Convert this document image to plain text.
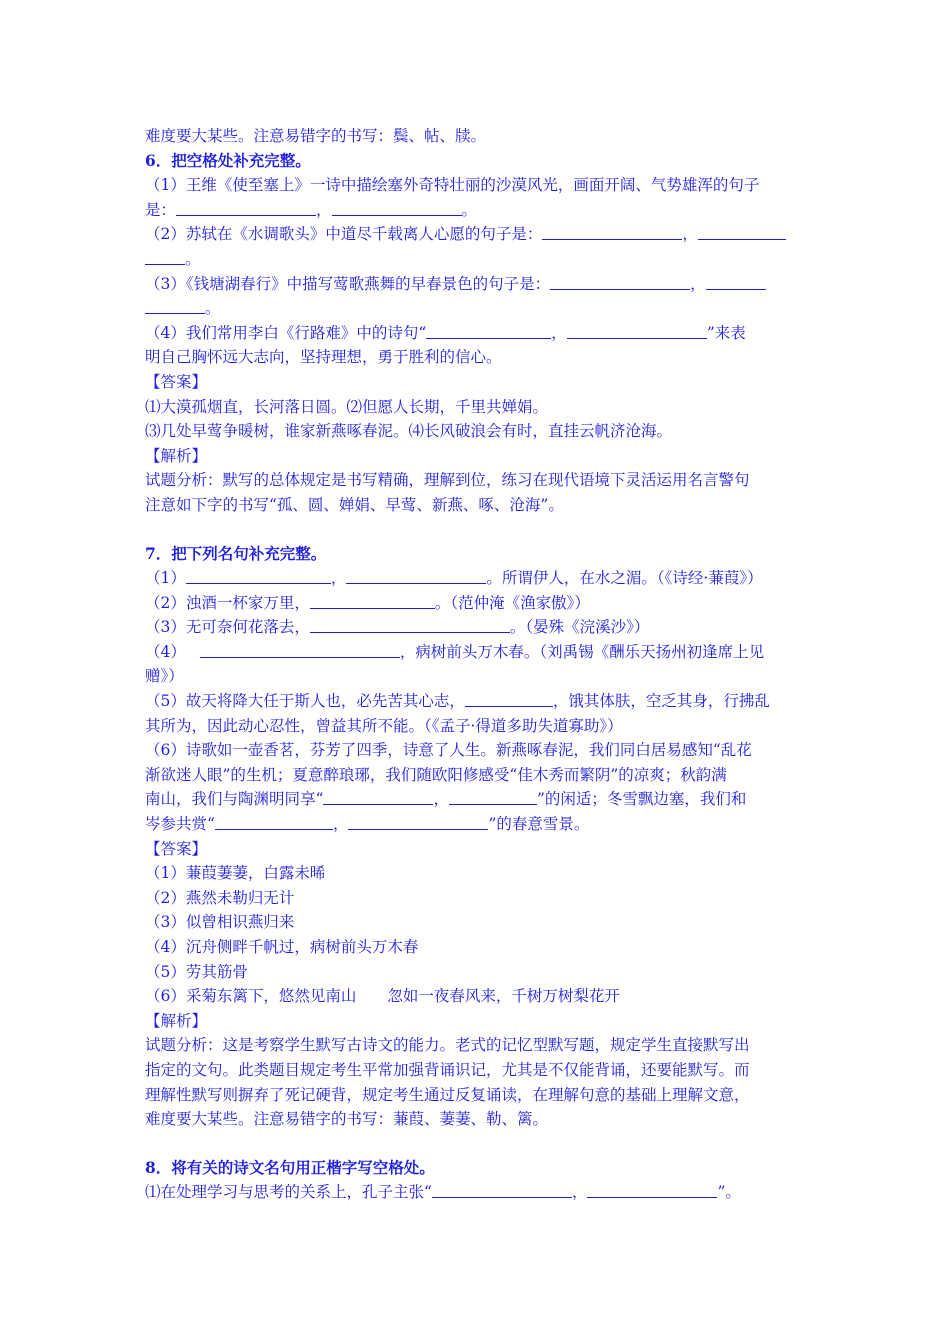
难度要大某些。注意易错字的书写：鬓、帖、牍。
6．把空格处补充完整。
（1）王维《使至塞上》一诗中描绘塞外奇特壮丽的沙漠风光，画面开阔、气势雄浑的句子
是：	，	。
（2）苏轼在《水调歌头》中道尽千载离人心愿的句子是：	，
。
（3）《钱塘湖春行》中描写莺歌燕舞的早春景色的句子是：	，
。
（4）我们常用李白《行路难》中的诗句“	，	”来表
明自己胸怀远大志向，坚持理想，勇于胜利的信心。
【答案】
⑴大漠孤烟直，长河落日圆。⑵但愿人长期，千里共婵娟。
⑶几处早莺争暖树，谁家新燕啄春泥。⑷长风破浪会有时，直挂云帆济沧海。
【解析】
试题分析：默写的总体规定是书写精确，理解到位，练习在现代语境下灵活运用名言警句
注意如下字的书写“孤、圆、婵娟、早莺、新燕、啄、沧海”。
7．把下列名句补充完整。
（1）	，	。所谓伊人，在水之湄。（《诗经·蒹葭》）
（2）浊酒一杯家万里，	。（范仲淹《渔家傲》）
（3）无可奈何花落去，	。（晏殊《浣溪沙》）
（4）	，病树前头万木春。（刘禹锡《酬乐天扬州初逢席上见
赠》）
（5）故天将降大任于斯人也，必先苦其心志，	，饿其体肤，空乏其身，行拂乱
其所为，因此动心忍性，曾益其所不能。（《孟子·得道多助失道寡助》）
（6）诗歌如一壶香茗，芬芳了四季，诗意了人生。新燕啄春泥，我们同白居易感知“乱花
渐欲迷人眼”的生机；夏意醉琅琊，我们随欧阳修感受“佳木秀而繁阴”的凉爽；秋韵满
南山，我们与陶渊明同享“	，	”的闲适；冬雪飘边塞，我们和
岑参共赏“	，	”的春意雪景。
【答案】
（1）蒹葭萋萋，白露未晞
（2）燕然未勒归无计
（3）似曾相识燕归来
（4）沉舟侧畔千帆过，病树前头万木春
（5）劳其筋骨
（6）采菊东篱下，悠然见南山　　忽如一夜春风来，千树万树梨花开
【解析】
试题分析：这是考察学生默写古诗文的能力。老式的记忆型默写题，规定学生直接默写出
指定的文句。此类题目规定考生平常加强背诵识记，尤其是不仅能背诵，还要能默写。而
理解性默写则摒弃了死记硬背，规定考生通过反复诵读，在理解句意的基础上理解文意，
难度要大某些。注意易错字的书写：蒹葭、萋萋、勒、篱。
8．将有关的诗文名句用正楷字写空格处。
⑴在处理学习与思考的关系上，孔子主张“	，	”。
